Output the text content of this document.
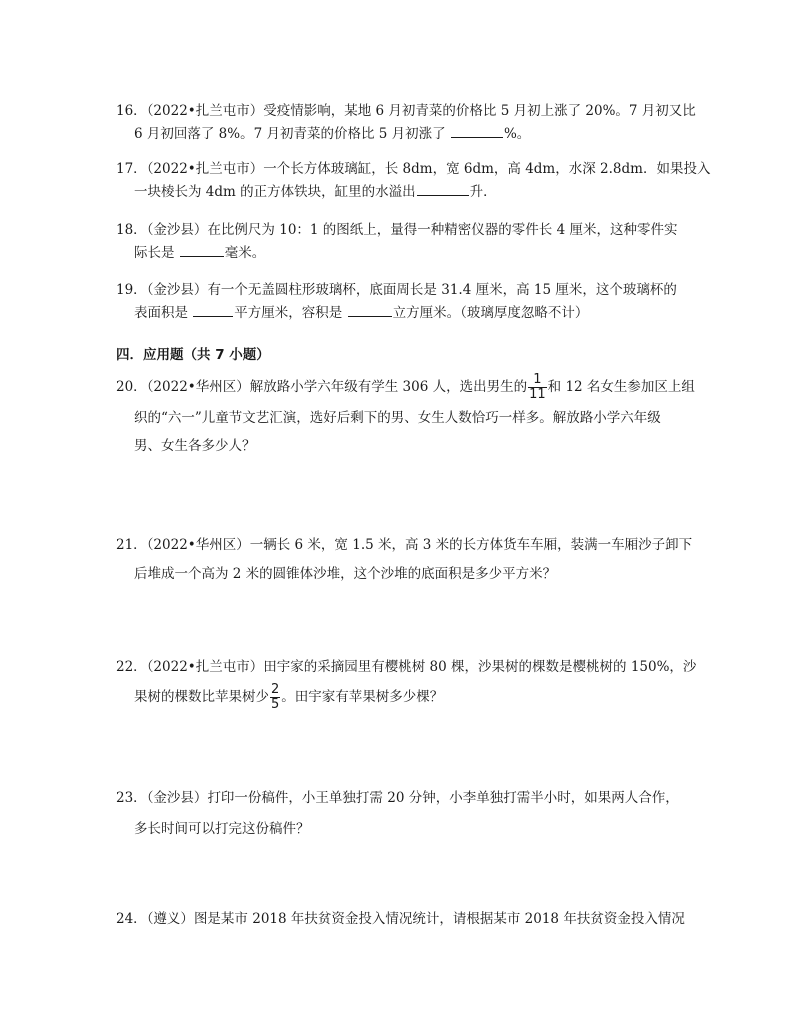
16．（2022•扎兰屯市）受疫情影响，某地 6 月初青菜的价格比 5 月初上涨了 20%。7 月初又比
6 月初回落了 8%。7 月初青菜的价格比 5 月初涨了	%。
17．（2022•扎兰屯市）一个长方体玻璃缸，长 8dm，宽 6dm，高 4dm，水深 2.8dm．如果投入
一块棱长为 4dm 的正方体铁块，缸里的水溢出	升．
18．（金沙县）在比例尺为 10：1 的图纸上，量得一种精密仪器的零件长 4 厘米，这种零件实
际长是	毫米。
19．（金沙县）有一个无盖圆柱形玻璃杯，底面周长是 31.4 厘米，高 15 厘米，这个玻璃杯的
表面积是	平方厘米，容积是	立方厘米。（玻璃厚度忽略不计）
四．应用题（共 7 小题）
20．（2022•华州区）解放路小学六年级有学生 306 人，选出男生的 $\frac{1}{11}$ 和 12 名女生参加区上组
织的“六一”儿童节文艺汇演，选好后剩下的男、女生人数恰巧一样多。解放路小学六年级
男、女生各多少人？
21．（2022•华州区）一辆长 6 米，宽 1.5 米，高 3 米的长方体货车车厢，装满一车厢沙子卸下
后堆成一个高为 2 米的圆锥体沙堆，这个沙堆的底面积是多少平方米？
22．（2022•扎兰屯市）田宇家的采摘园里有樱桃树 80 棵，沙果树的棵数是樱桃树的 150%，沙
果树的棵数比苹果树少 $\frac{2}{5}$ 。田宇家有苹果树多少棵？
23．（金沙县）打印一份稿件，小王单独打需 20 分钟，小李单独打需半小时，如果两人合作，
多长时间可以打完这份稿件？
24．（遵义）图是某市 2018 年扶贫资金投入情况统计，请根据某市 2018 年扶贫资金投入情况
